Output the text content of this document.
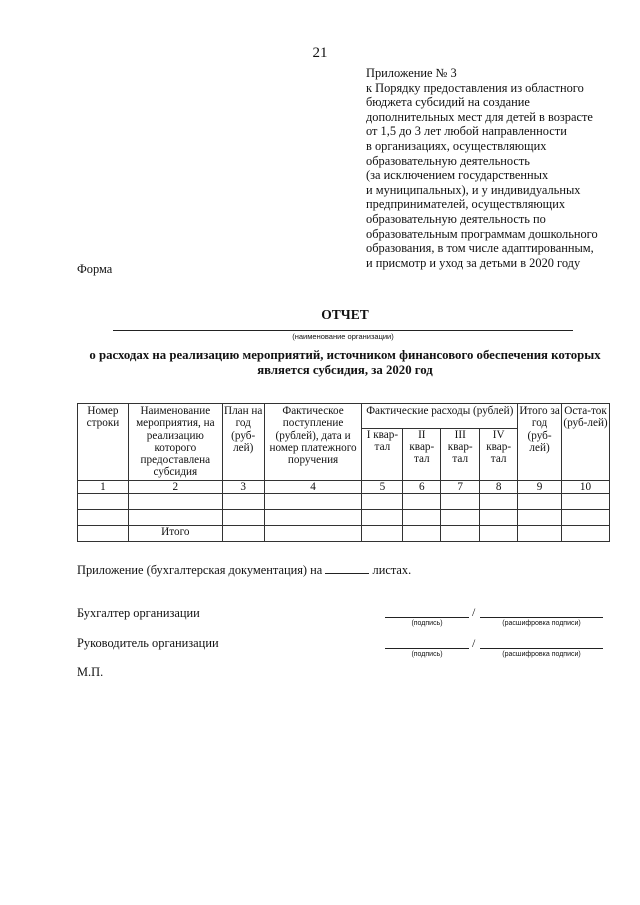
21
Приложение № 3
к Порядку предоставления из областного
бюджета субсидий на создание
дополнительных мест для детей в возрасте
от 1,5 до 3 лет любой направленности
в организациях, осуществляющих
образовательную деятельность
(за исключением государственных
и муниципальных), и у индивидуальных
предпринимателей, осуществляющих
образовательную деятельность по
образовательным программам дошкольного
образования, в том числе адаптированным,
и присмотр и уход за детьми в 2020 году
Форма
ОТЧЕТ
(наименование организации)
о расходах на реализацию мероприятий, источником финансового обеспечения которых является субсидия, за 2020 год
Номер строки	Наименование мероприятия, на реализацию которого предоставлена субсидия	План на год (руб-лей)	Фактическое поступление (рублей), дата и номер платежного поручения	Фактические расходы (рублей)				Итого за год (руб-лей)	Оста-ток (руб-лей)
				I квар-тал	II квар-тал	III квар-тал	IV квар-тал		
1	2	3	4	5	6	7	8	9	10

	Итого								
Приложение (бухгалтерская документация) на	листах.
Бухгалтер организации	/
(подпись)	(расшифровка подписи)
Руководитель организации	/
(подпись)	(расшифровка подписи)
М.П.
